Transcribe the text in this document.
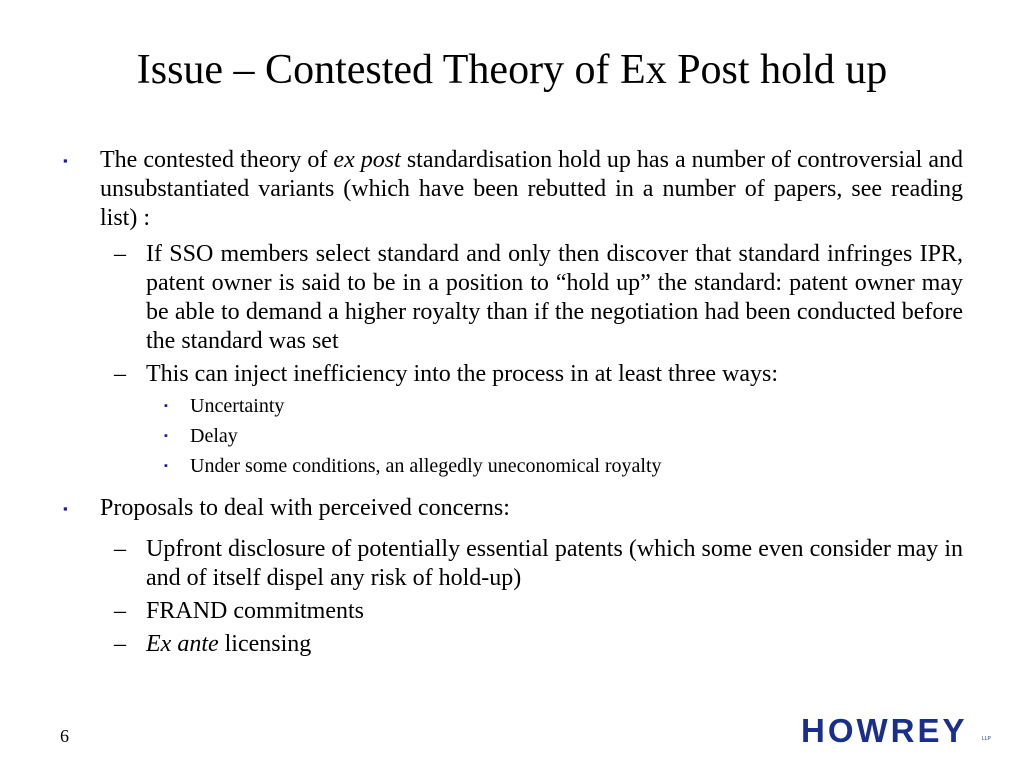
Issue – Contested Theory of Ex Post hold up
▪ The contested theory of ex post standardisation hold up has a number of controversial and unsubstantiated variants (which have been rebutted in a number of papers, see reading list) :
– If SSO members select standard and only then discover that standard infringes IPR, patent owner is said to be in a position to “hold up” the standard: patent owner may be able to demand a higher royalty than if the negotiation had been conducted before the standard was set
– This can inject inefficiency into the process in at least three ways:
▪ Uncertainty
▪ Delay
▪ Under some conditions, an allegedly uneconomical royalty
▪ Proposals to deal with perceived concerns:
– Upfront disclosure of potentially essential patents (which some even consider may in and of itself dispel any risk of hold-up)
– FRAND commitments
– Ex ante licensing
6	HOWREY	LLP
